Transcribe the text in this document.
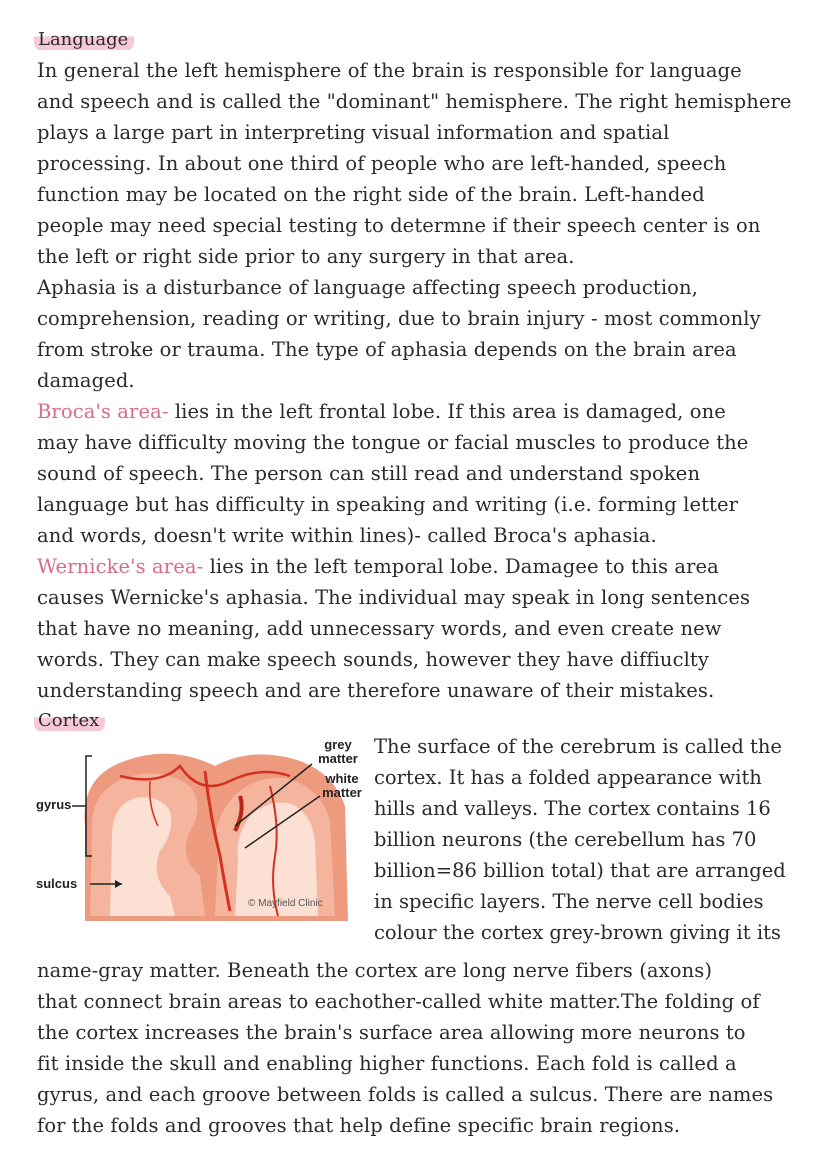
Language
In general the left hemisphere of the brain is responsible for language
and speech and is called the "dominant" hemisphere. The right hemisphere
plays a large part in interpreting visual information and spatial
processing. In about one third of people who are left-handed, speech
function may be located on the right side of the brain. Left-handed
people may need special testing to determne if their speech center is on
the left or right side prior to any surgery in that area.
Aphasia is a disturbance of language affecting speech production,
comprehension, reading or writing, due to brain injury - most commonly
from stroke or trauma. The type of aphasia depends on the brain area
damaged.
Broca's area- lies in the left frontal lobe. If this area is damaged, one
may have difficulty moving the tongue or facial muscles to produce the
sound of speech. The person can still read and understand spoken
language but has difficulty in speaking and writing (i.e. forming letter
and words, doesn't write within lines)- called Broca's aphasia.
Wernicke's area- lies in the left temporal lobe. Damagee to this area
causes Wernicke's aphasia. The individual may speak in long sentences
that have no meaning, add unnecessary words, and even create new
words. They can make speech sounds, however they have diffiuclty
understanding speech and are therefore unaware of their mistakes.
Cortex
grey matter
white matter
gyrus
sulcus
© Mayfield Clinic
The surface of the cerebrum is called the
cortex. It has a folded appearance with
hills and valleys. The cortex contains 16
billion neurons (the cerebellum has 70
billion=86 billion total) that are arranged
in specific layers. The nerve cell bodies
colour the cortex grey-brown giving it its
name-gray matter. Beneath the cortex are long nerve fibers (axons)
that connect brain areas to eachother-called white matter.The folding of
the cortex increases the brain's surface area allowing more neurons to
fit inside the skull and enabling higher functions. Each fold is called a
gyrus, and each groove between folds is called a sulcus. There are names
for the folds and grooves that help define specific brain regions.
